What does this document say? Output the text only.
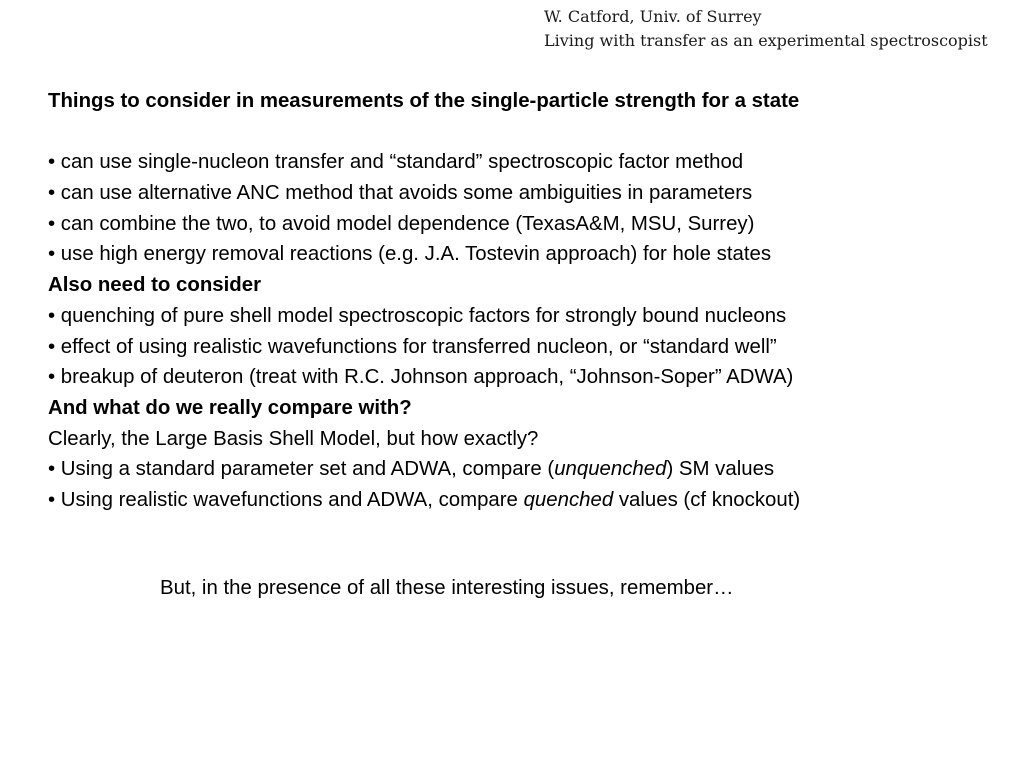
W. Catford, Univ. of Surrey
Living with transfer as an experimental spectroscopist
Things to consider in measurements of the single-particle strength for a state
• can use single-nucleon transfer and “standard” spectroscopic factor method
• can use alternative ANC method that avoids some ambiguities in parameters
• can combine the two, to avoid model dependence (TexasA&M, MSU, Surrey)
• use high energy removal reactions (e.g. J.A. Tostevin approach) for hole states
Also need to consider
• quenching of pure shell model spectroscopic factors for strongly bound nucleons
• effect of using realistic wavefunctions for transferred nucleon, or “standard well”
• breakup of deuteron (treat with R.C. Johnson approach, “Johnson-Soper” ADWA)
And what do we really compare with?
Clearly, the Large Basis Shell Model, but how exactly?
• Using a standard parameter set and ADWA, compare (unquenched) SM values
• Using realistic wavefunctions and ADWA, compare quenched values (cf knockout)
But, in the presence of all these interesting issues, remember…
